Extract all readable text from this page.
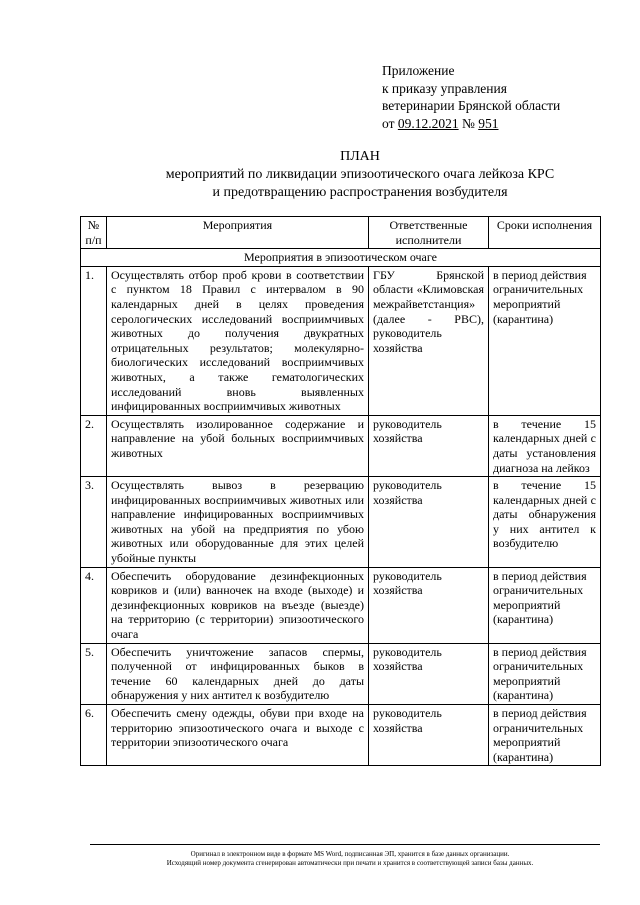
Приложение
к приказу управления
ветеринарии Брянской области
от 09.12.2021 № 951
ПЛАН
мероприятий по ликвидации эпизоотического очага лейкоза КРС
и предотвращению распространения возбудителя
№ п/п	Мероприятия	Ответственные исполнители	Сроки исполнения
Мероприятия в эпизоотическом очаге			
1.	Осуществлять отбор проб крови в соответствии с пунктом 18 Правил с интервалом в 90 календарных дней в целях проведения серологических исследований восприимчивых животных до получения двукратных отрицательных результатов; молекулярно-биологических исследований восприимчивых животных, а также гематологических исследований вновь выявленных инфицированных восприимчивых животных	ГБУ Брянской области «Климовская межрайветстанция» (далее - РВС), руководитель хозяйства	в период действия ограничительных мероприятий (карантина)
2.	Осуществлять изолированное содержание и направление на убой больных восприимчивых животных	руководитель хозяйства	в течение 15 календарных дней с даты установления диагноза на лейкоз
3.	Осуществлять вывоз в резервацию инфицированных восприимчивых животных или направление инфицированных восприимчивых животных на убой на предприятия по убою животных или оборудованные для этих целей убойные пункты	руководитель хозяйства	в течение 15 календарных дней с даты обнаружения у них антител к возбудителю
4.	Обеспечить оборудование дезинфекционных ковриков и (или) ванночек на входе (выходе) и дезинфекционных ковриков на въезде (выезде) на территорию (с территории) эпизоотического очага	руководитель хозяйства	в период действия ограничительных мероприятий (карантина)
5.	Обеспечить уничтожение запасов спермы, полученной от инфицированных быков в течение 60 календарных дней до даты обнаружения у них антител к возбудителю	руководитель хозяйства	в период действия ограничительных мероприятий (карантина)
6.	Обеспечить смену одежды, обуви при входе на территорию эпизоотического очага и выходе с территории эпизоотического очага	руководитель хозяйства	в период действия ограничительных мероприятий (карантина)
Оригинал в электронном виде в формате MS Word, подписанная ЭП, хранится в базе данных организации.
Исходящий номер документа сгенерирован автоматически при печати и хранится в соответствующей записи базы данных.
